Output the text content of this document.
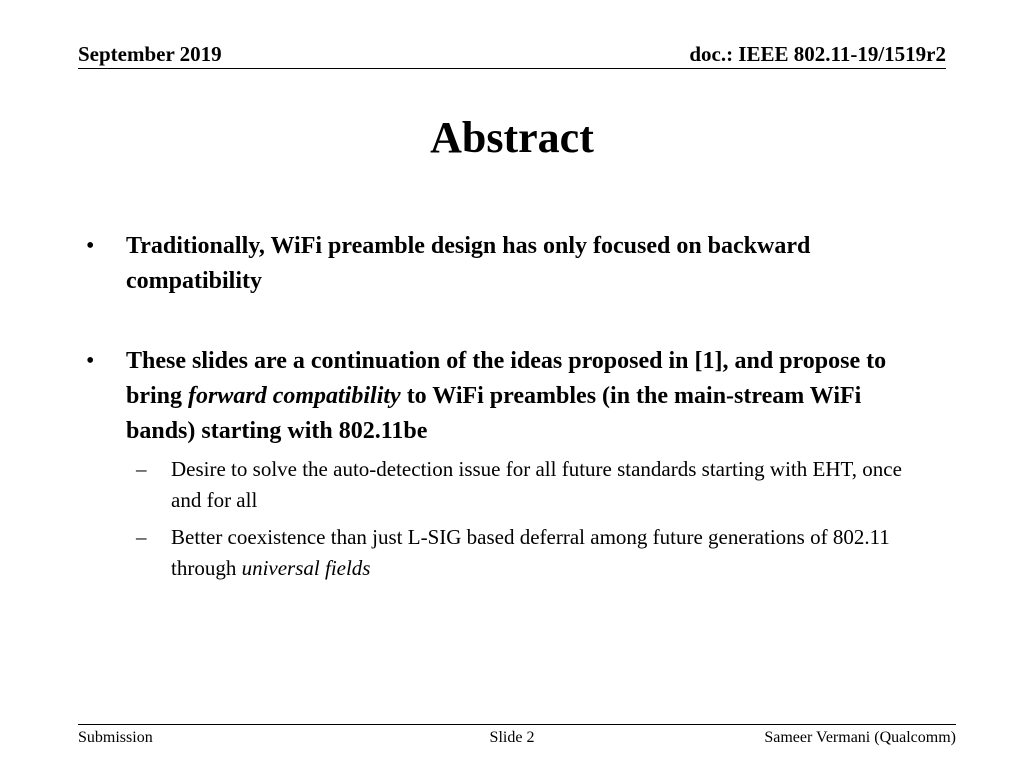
September 2019	doc.: IEEE 802.11-19/1519r2
Abstract
• Traditionally, WiFi preamble design has only focused on backward compatibility
• These slides are a continuation of the ideas proposed in [1], and propose to bring forward compatibility to WiFi preambles (in the main-stream WiFi bands) starting with 802.11be
– Desire to solve the auto-detection issue for all future standards starting with EHT, once and for all
– Better coexistence than just L-SIG based deferral among future generations of 802.11 through universal fields
Submission	Slide 2	Sameer Vermani (Qualcomm)
